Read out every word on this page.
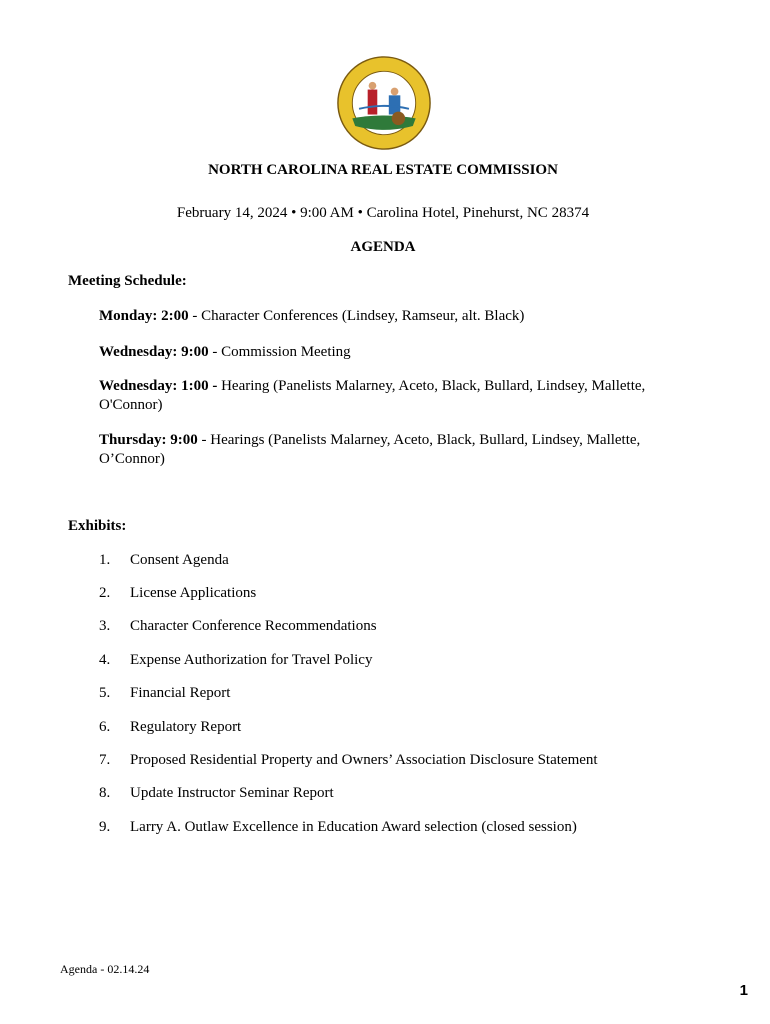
NORTH CAROLINA REAL ESTATE COMMISSION
February 14, 2024 • 9:00 AM • Carolina Hotel, Pinehurst, NC 28374
AGENDA
Meeting Schedule:
Monday: 2:00 - Character Conferences (Lindsey, Ramseur, alt. Black)
Wednesday: 9:00 - Commission Meeting
Wednesday: 1:00 - Hearing (Panelists Malarney, Aceto, Black, Bullard, Lindsey, Mallette, O'Connor)
Thursday: 9:00 - Hearings (Panelists Malarney, Aceto, Black, Bullard, Lindsey, Mallette, O’Connor)
Exhibits:
1. Consent Agenda
2. License Applications
3. Character Conference Recommendations
4. Expense Authorization for Travel Policy
5. Financial Report
6. Regulatory Report
7. Proposed Residential Property and Owners’ Association Disclosure Statement
8. Update Instructor Seminar Report
9. Larry A. Outlaw Excellence in Education Award selection (closed session)
Agenda - 02.14.24
1
